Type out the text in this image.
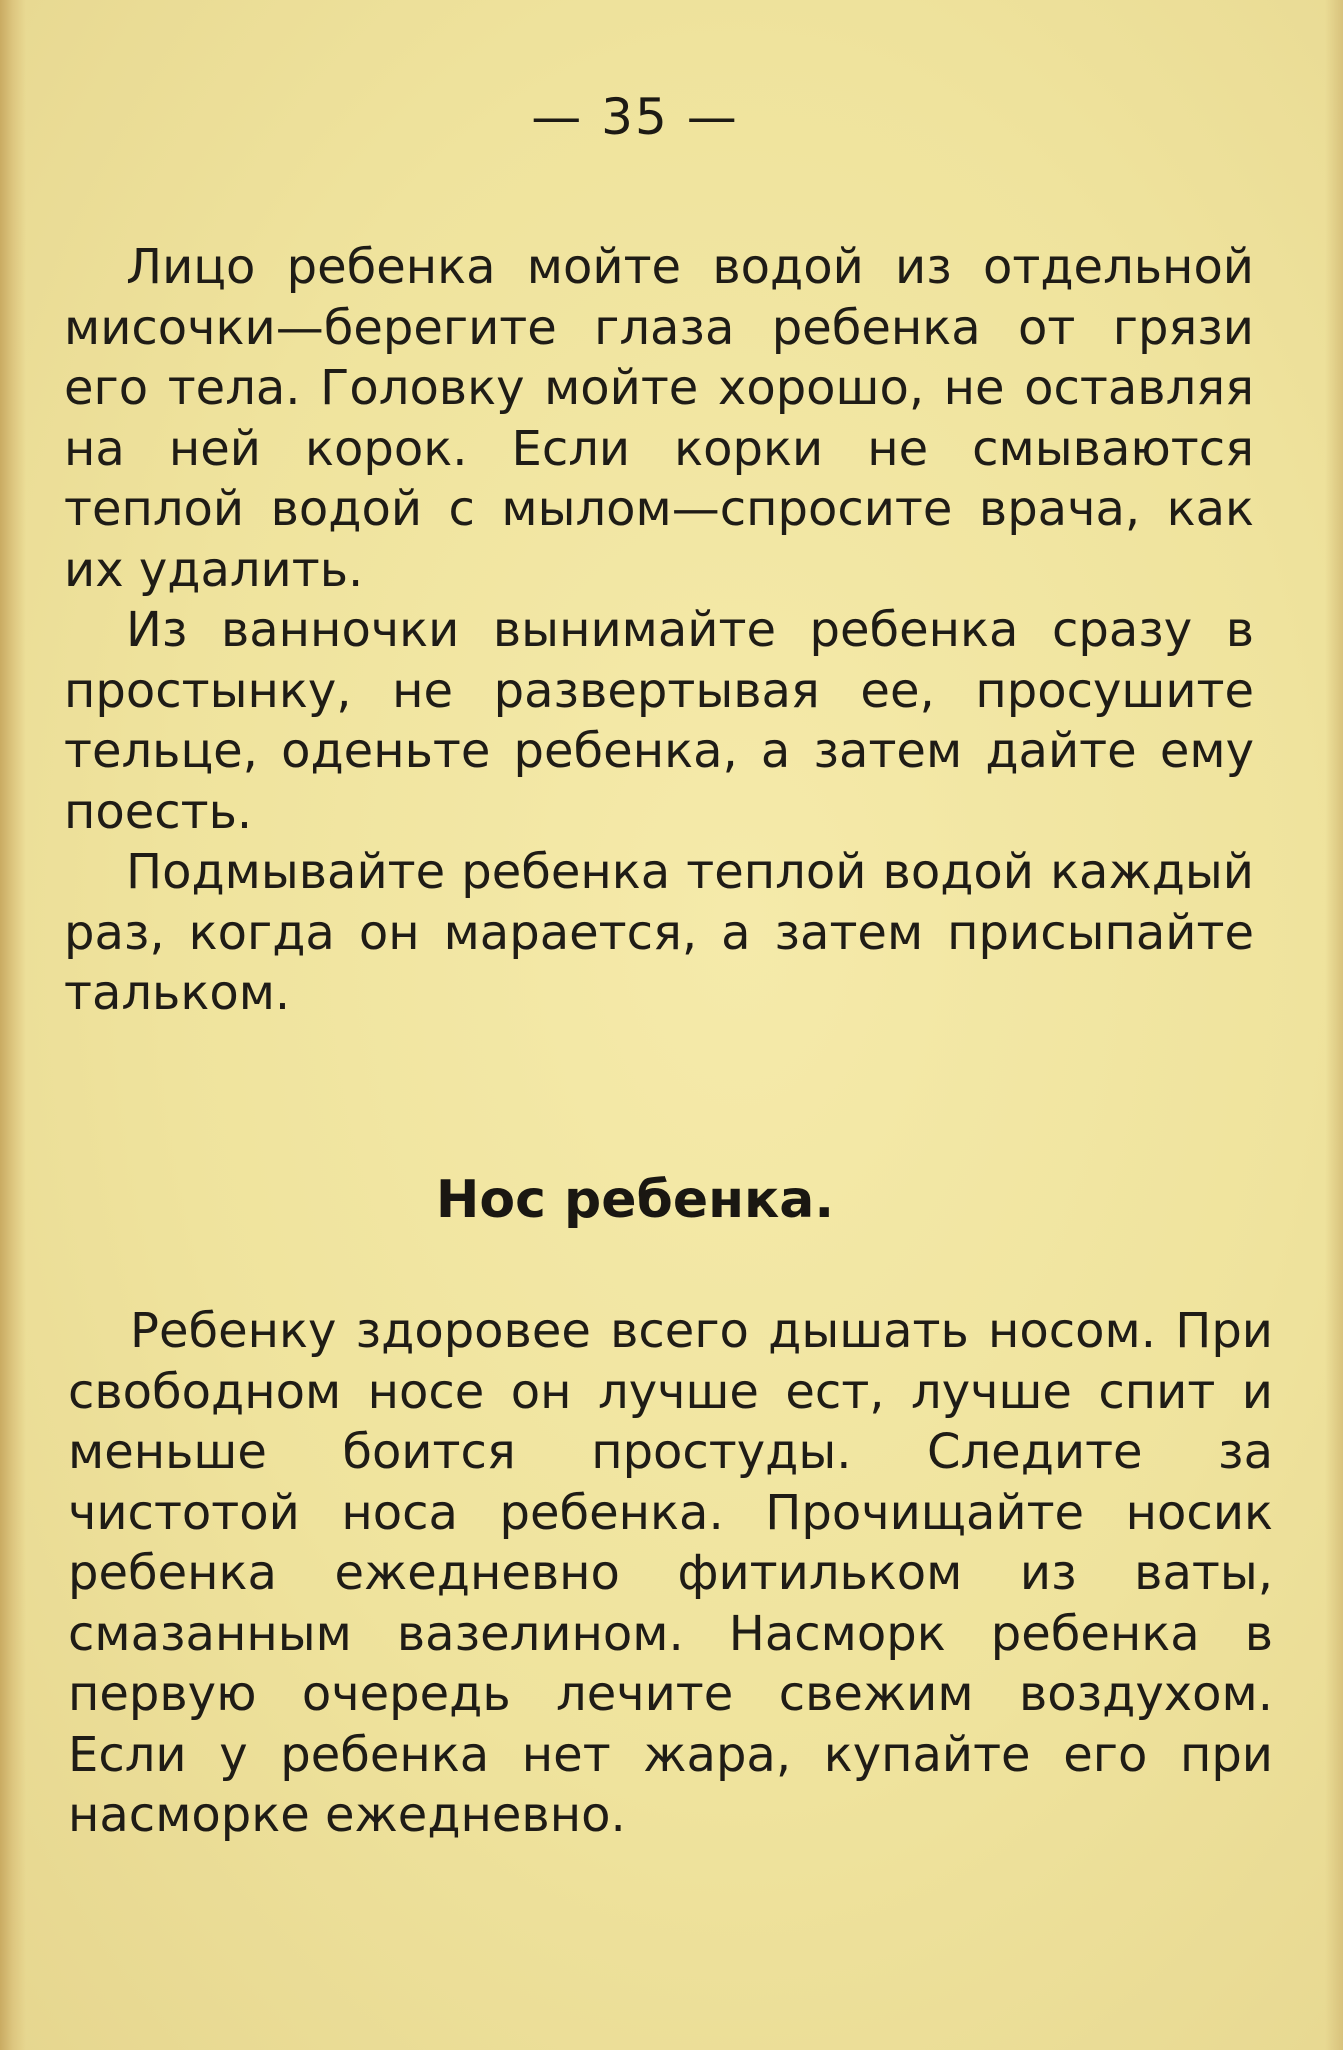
— 35 —

Лицо ребенка мойте водой из отдельной мисочки—берегите глаза ребенка от грязи его тела. Головку мойте хорошо, не оставляя на ней корок. Если корки не смываются теплой водой с мылом—спросите врача, как их удалить.

Из ванночки вынимайте ребенка сразу в простынку, не развертывая ее, просушите тельце, оденьте ребенка, а затем дайте ему поесть.

Подмывайте ребенка теплой водой каждый раз, когда он марается, а затем присыпайте тальком.

Нос ребенка.

Ребенку здоровее всего дышать носом. При свободном носе он лучше ест, лучше спит и меньше боится простуды. Следите за чистотой носа ребенка. Прочищайте носик ребенка ежедневно фитильком из ваты, смазанным вазелином. Насморк ребенка в первую очередь лечите свежим воздухом. Если у ребенка нет жара, купайте его при насморке ежедневно.
